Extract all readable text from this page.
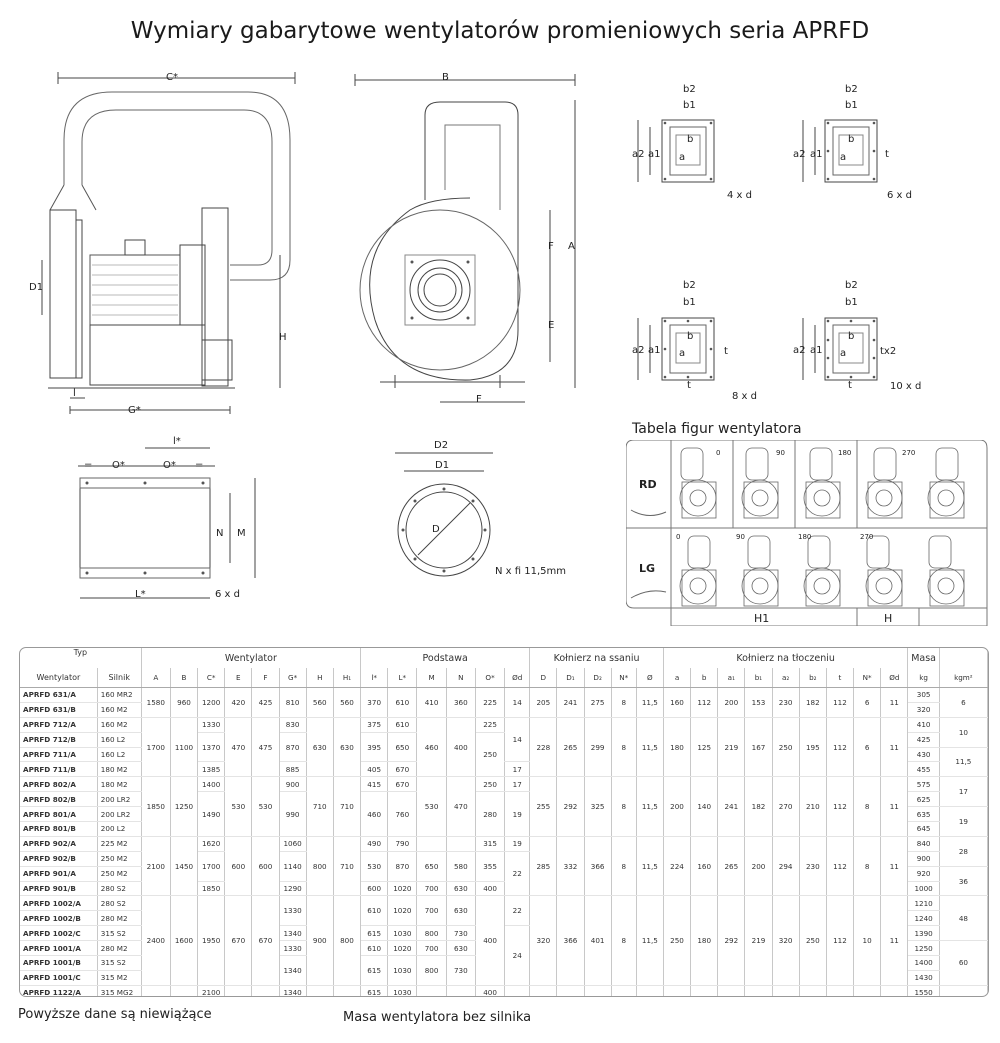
Wymiary gabarytowe wentylatorów promieniowych seria APRFD
C*
D1
H
l
G*
B
A
F
E
F
l*
= O*	O* =
N M
L*	6 x d
D2
D1
D
N x fi 11,5mm
b2
b1
b
a2 a1 a
4 x d
b2
b1
b
a2 a1 a	t
6 x d
b2
b1
b
a2 a1 a	t
t
8 x d
b2
b1
b
a2 a1 a	tx2
t	10 x d
Tabela figur wentylatora
RD
LG
0	90	180	270
0	90	180	270
H1	H
Typ		Wentylator								Podstawa						Kołnierz na ssaniu					Kołnierz na tłoczeniu									Masa	
Wentylator	Silnik	A	B	C*	E	F	G*	H	H₁	l*	L*	M	N	O*	Ød	D	D₁	D₂	N*	Ø	a	b	a₁	b₁	a₂	b₂	t	N*	Ød	kg	kgm²
APRFD 631/A	160 MR2	1580	960	1200	420	425	810	560	560	370	610	410	360	225	14	205	241	275	8	11,5	160	112	200	153	230	182	112	6	11	305	6
APRFD 631/B	160 M2																													320	
APRFD 712/A	160 M2	1700	1100	1330	470	475	830	630	630	375	610	460	400	225	14	228	265	299	8	11,5	180	125	219	167	250	195	112	6	11	410	10
APRFD 712/B	160 L2			1370			870			395	650			250																425	
APRFD 711/A	160 L2																													430	11,5
APRFD 711/B	180 M2			1385			885			405	670				17															455	
APRFD 802/A	180 M2	1850	1250	1400	530	530	900	710	710	415	670	530	470	250	17	255	292	325	8	11,5	200	140	241	182	270	210	112	8	11	575	17
APRFD 802/B	200 LR2			1490			990			460	760			280	19															625	
APRFD 801/A	200 LR2																													635	19
APRFD 801/B	200 L2																													645	
APRFD 902/A	225 M2	2100	1450	1620	600	600	1060	800	710	490	790			315	19	285	332	366	8	11,5	224	160	265	200	294	230	112	8	11	840	28
APRFD 902/B	250 M2			1700			1140			530	870	650	580	355	22															900	
APRFD 901/A	250 M2																													920	36
APRFD 901/B	280 S2			1850			1290			600	1020	700	630	400																1000	
APRFD 1002/A	280 S2	2400	1600	1950	670	670	1330	900	800	610	1020	700	630	400	22	320	366	401	8	11,5	250	180	292	219	320	250	112	10	11	1210	48
APRFD 1002/B	280 M2																													1240	
APRFD 1002/C	315 S2						1340			615	1030	800	730		24															1390	
APRFD 1001/A	280 M2						1330			610	1020	700	630																	1250	60
APRFD 1001/B	315 S2						1340			615	1030	800	730																	1400	
APRFD 1001/C	315 M2																													1430	
APRFD 1122/A	315 MG2			2100			1340			615	1030			400																1550	

Powyższe dane są niewiążące	Masa wentylatora bez silnika
